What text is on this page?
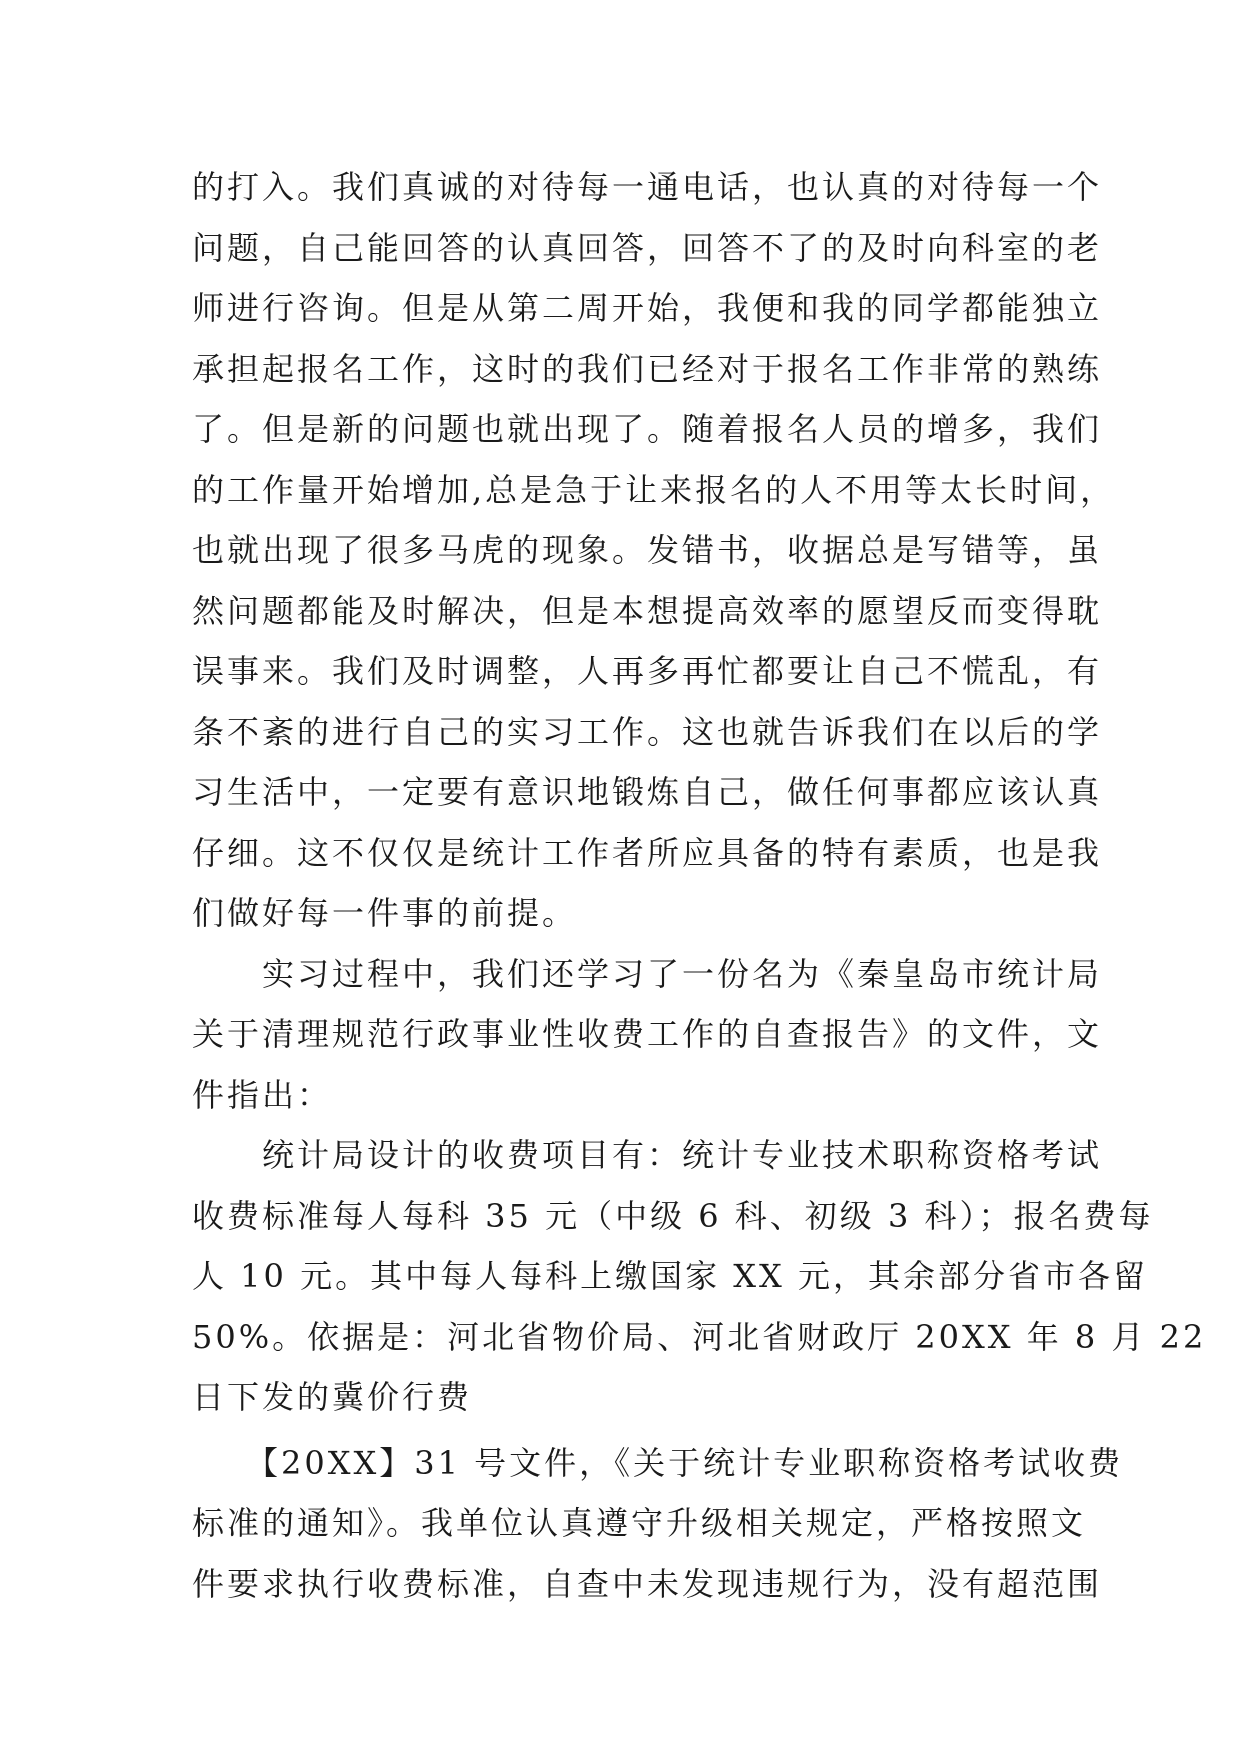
的打入。我们真诚的对待每一通电话，也认真的对待每一个
问题，自己能回答的认真回答，回答不了的及时向科室的老
师进行咨询。但是从第二周开始，我便和我的同学都能独立
承担起报名工作，这时的我们已经对于报名工作非常的熟练
了。但是新的问题也就出现了。随着报名人员的增多，我们
的工作量开始增加,总是急于让来报名的人不用等太长时间，
也就出现了很多马虎的现象。发错书，收据总是写错等，虽
然问题都能及时解决，但是本想提高效率的愿望反而变得耽
误事来。我们及时调整，人再多再忙都要让自己不慌乱，有
条不紊的进行自己的实习工作。这也就告诉我们在以后的学
习生活中，一定要有意识地锻炼自己，做任何事都应该认真
仔细。这不仅仅是统计工作者所应具备的特有素质，也是我
们做好每一件事的前提。
　　实习过程中，我们还学习了一份名为《秦皇岛市统计局
关于清理规范行政事业性收费工作的自查报告》的文件，文
件指出：
　　统计局设计的收费项目有：统计专业技术职称资格考试
收费标准每人每科 35 元（中级 6 科、初级 3 科）；报名费每
人 10 元。其中每人每科上缴国家 XX 元，其余部分省市各留
50%。依据是：河北省物价局、河北省财政厅 20XX 年 8 月 22
日下发的冀价行费
　　【20XX】31 号文件，《关于统计专业职称资格考试收费
标准的通知》。我单位认真遵守升级相关规定，严格按照文
件要求执行收费标准，自查中未发现违规行为，没有超范围
